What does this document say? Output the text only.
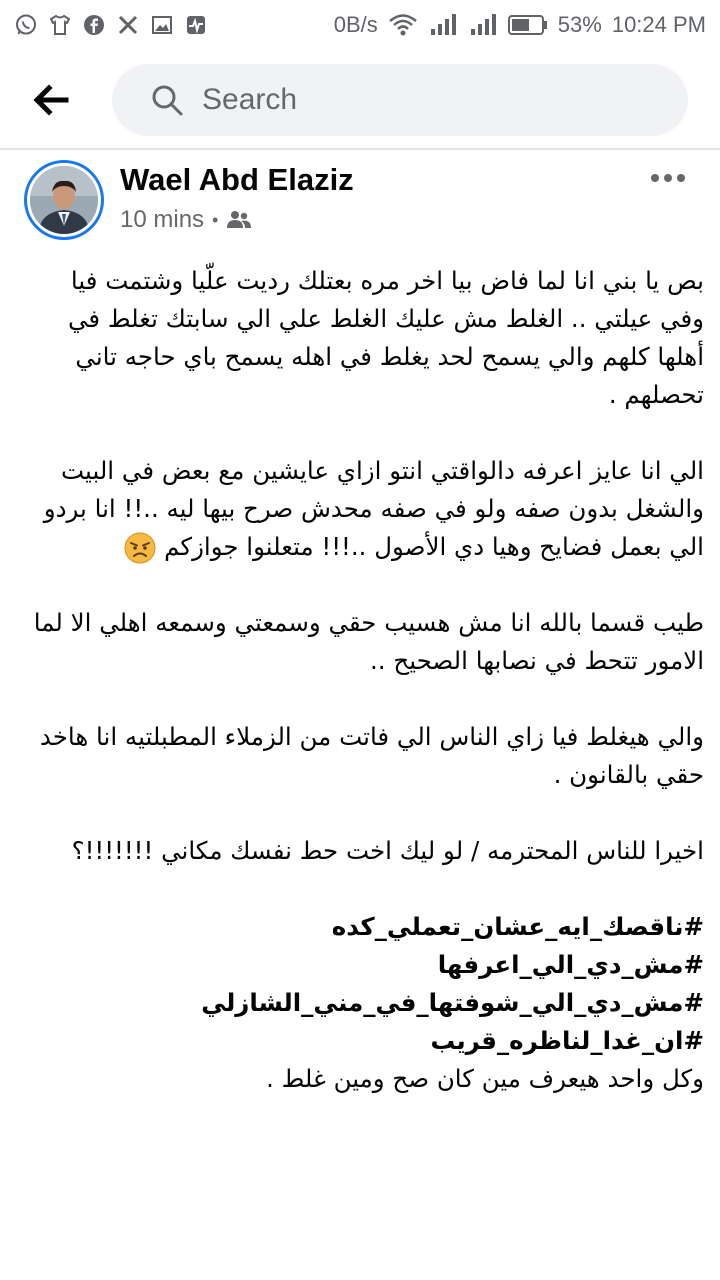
0B/s	53% 10:24 PM
Search
Wael Abd Elaziz
10 mins •

بص يا بني انا لما فاض بيا اخر مره بعتلك رديت علّيا وشتمت فيا وفي عيلتي .. الغلط مش عليك الغلط علي الي سابتك تغلط في أهلها كلهم والي يسمح لحد يغلط في اهله يسمح باي حاجه تاني تحصلهم .

الي انا عايز اعرفه دالواقتي انتو ازاي عايشين مع بعض في البيت والشغل بدون صفه ولو في صفه محدش صرح بيها ليه ..!! انا بردو الي بعمل فضايح وهيا دي الأصول ..!!! متعلنوا جوازكم

طيب قسما بالله انا مش هسيب حقي وسمعتي وسمعه اهلي الا لما الامور تتحط في نصابها الصحيح ..

والي هيغلط فيا زاي الناس الي فاتت من الزملاء المطبلتيه انا هاخد حقي بالقانون .

اخيرا للناس المحترمه / لو ليك اخت حط نفسك مكاني !!!!!!!؟

#ناقصك_ايه_عشان_تعملي_كده
#مش_دي_الي_اعرفها
#مش_دي_الي_شوفتها_في_مني_الشازلي
#ان_غدا_لناظره_قريب
وكل واحد هيعرف مين كان صح ومين غلط .
